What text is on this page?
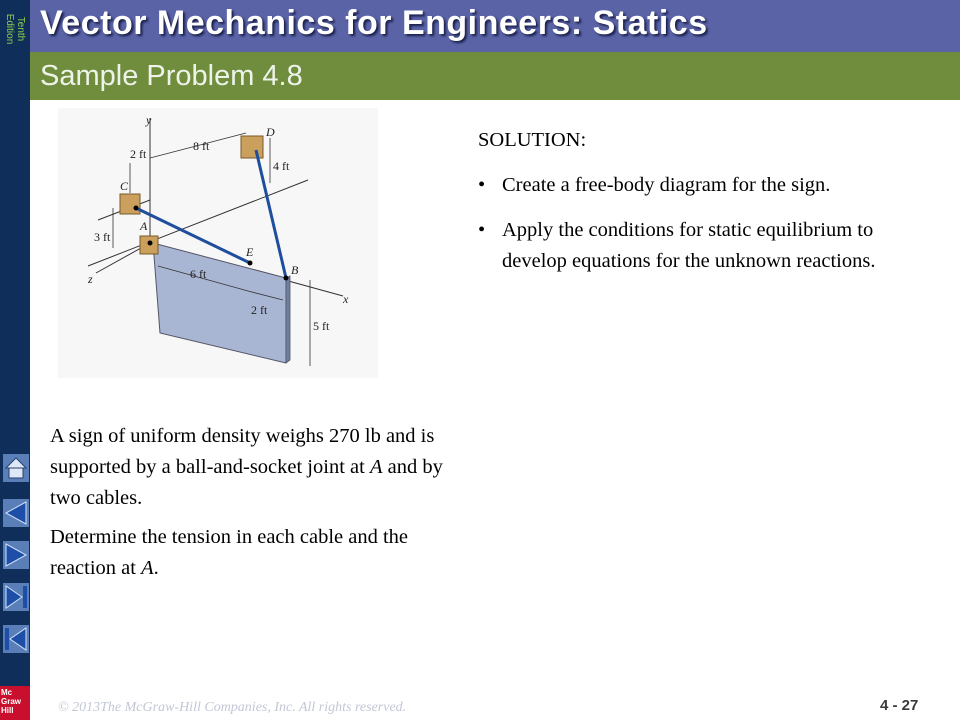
Tenth
Edition
Mc
Graw
Hill
Vector Mechanics for Engineers: Statics
Sample Problem 4.8
y
x
z
A
B
C
D
E
8 ft
2 ft
4 ft
3 ft
6 ft
2 ft
5 ft

A sign of uniform density weighs 270 lb and is supported by a ball-and-socket joint at A and by two cables.

Determine the tension in each cable and the reaction at A.

SOLUTION:
• Create a free-body diagram for the sign.
• Apply the conditions for static equilibrium to develop equations for the unknown reactions.
© 2013The McGraw-Hill Companies, Inc. All rights reserved.	4 - 27
